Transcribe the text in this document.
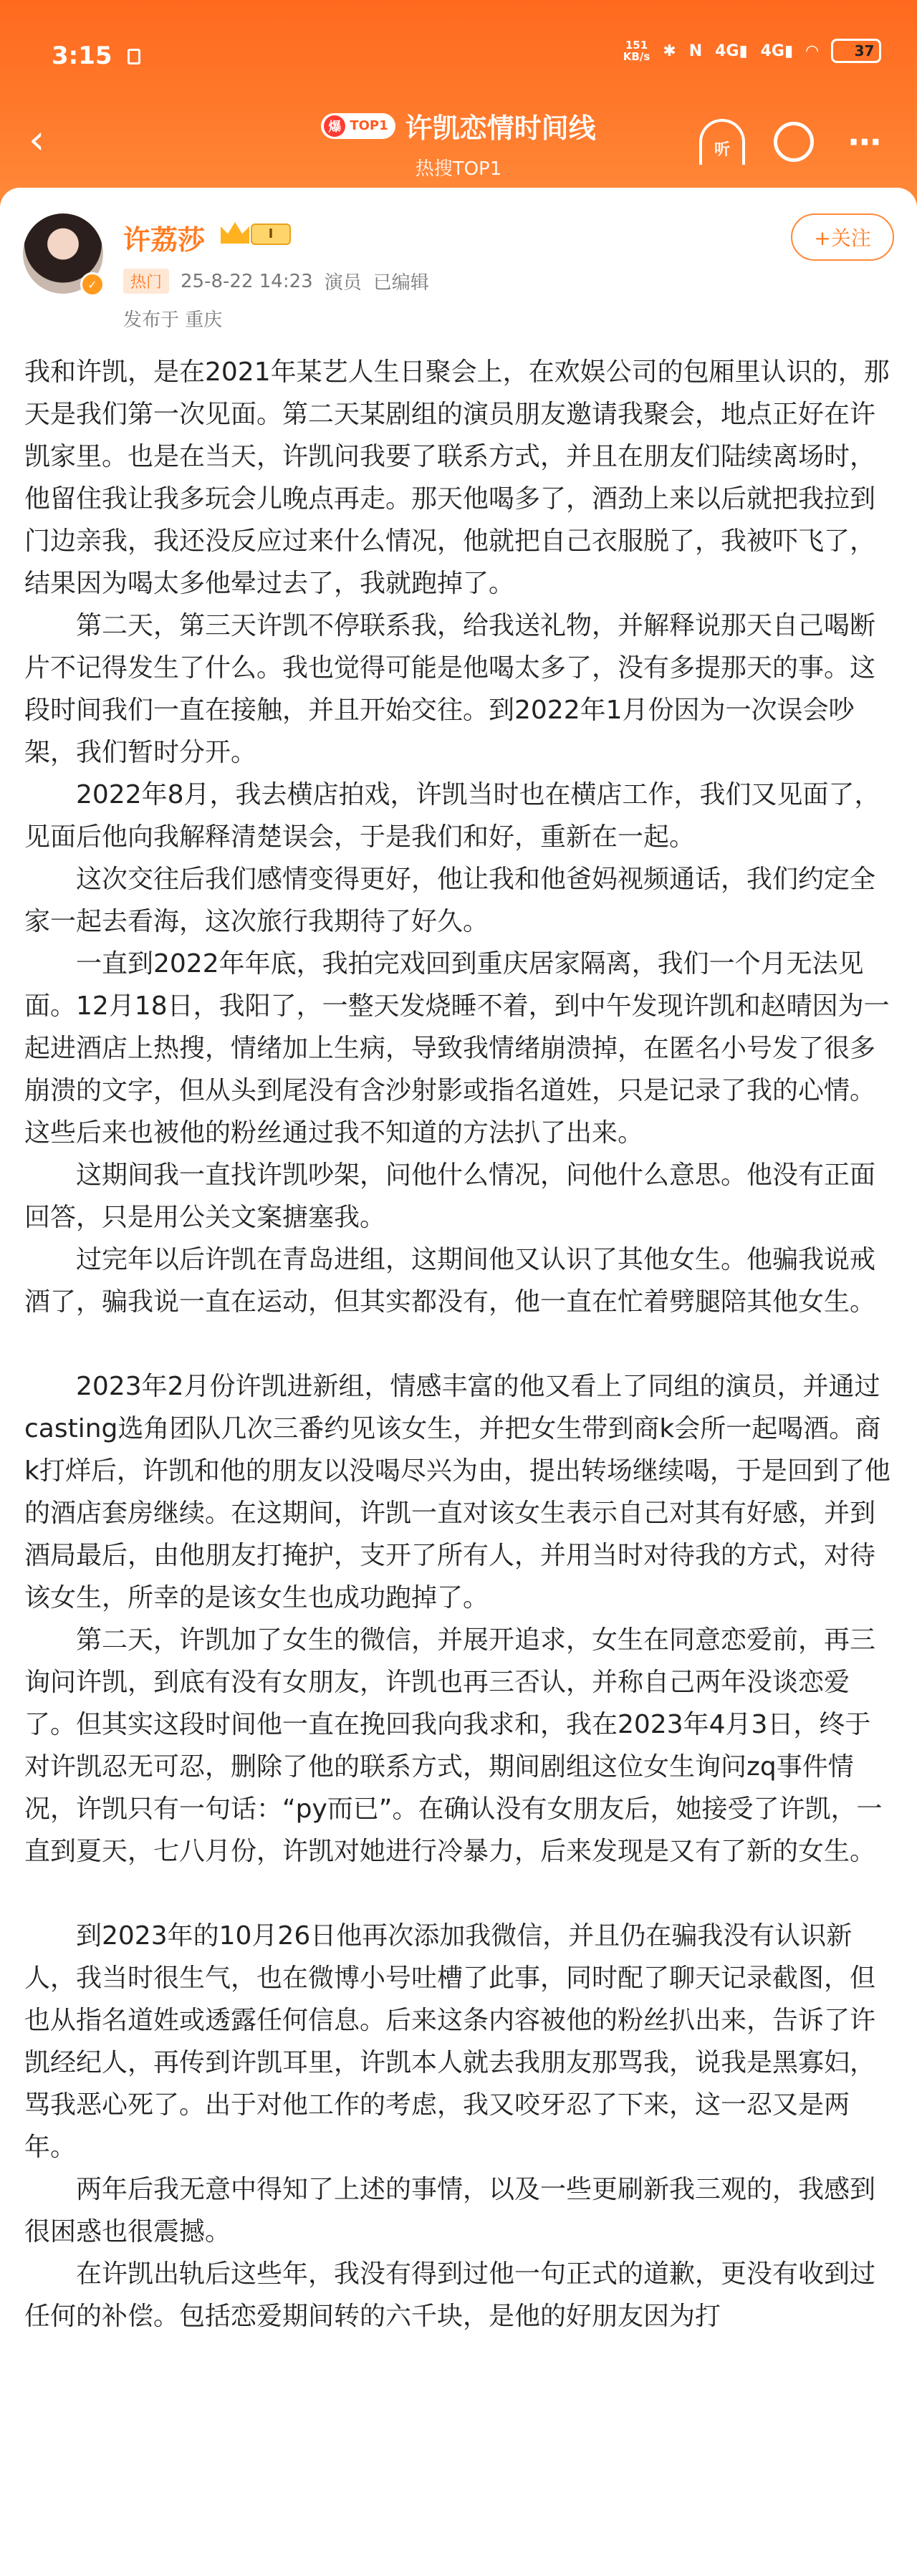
3:15	151
KB/s ✱ N 4G▮ 4G▮ ◠	37
‹	爆 TOP1 许凯恋情时间线
热搜TOP1
听	⋯
✓
许荔莎	I
热门	25-8-22 14:23 演员 已编辑
发布于 重庆
+关注

我和许凯，是在2021年某艺人生日聚会上，在欢娱公司的包厢里认识的，那天是我们第一次见面。第二天某剧组的演员朋友邀请我聚会，地点正好在许凯家里。也是在当天，许凯问我要了联系方式，并且在朋友们陆续离场时，他留住我让我多玩会儿晚点再走。那天他喝多了，酒劲上来以后就把我拉到门边亲我，我还没反应过来什么情况，他就把自己衣服脱了，我被吓飞了，结果因为喝太多他晕过去了，我就跑掉了。

第二天，第三天许凯不停联系我，给我送礼物，并解释说那天自己喝断片不记得发生了什么。我也觉得可能是他喝太多了，没有多提那天的事。这段时间我们一直在接触，并且开始交往。到2022年1月份因为一次误会吵架，我们暂时分开。

2022年8月，我去横店拍戏，许凯当时也在横店工作，我们又见面了，见面后他向我解释清楚误会，于是我们和好，重新在一起。

这次交往后我们感情变得更好，他让我和他爸妈视频通话，我们约定全家一起去看海，这次旅行我期待了好久。

一直到2022年年底，我拍完戏回到重庆居家隔离，我们一个月无法见面。12月18日，我阳了，一整天发烧睡不着，到中午发现许凯和赵晴因为一起进酒店上热搜，情绪加上生病，导致我情绪崩溃掉，在匿名小号发了很多崩溃的文字，但从头到尾没有含沙射影或指名道姓，只是记录了我的心情。这些后来也被他的粉丝通过我不知道的方法扒了出来。

这期间我一直找许凯吵架，问他什么情况，问他什么意思。他没有正面回答，只是用公关文案搪塞我。

过完年以后许凯在青岛进组，这期间他又认识了其他女生。他骗我说戒酒了，骗我说一直在运动，但其实都没有，他一直在忙着劈腿陪其他女生。

2023年2月份许凯进新组，情感丰富的他又看上了同组的演员，并通过casting选角团队几次三番约见该女生，并把女生带到商k会所一起喝酒。商k打烊后，许凯和他的朋友以没喝尽兴为由，提出转场继续喝，于是回到了他的酒店套房继续。在这期间，许凯一直对该女生表示自己对其有好感，并到酒局最后，由他朋友打掩护，支开了所有人，并用当时对待我的方式，对待该女生，所幸的是该女生也成功跑掉了。

第二天，许凯加了女生的微信，并展开追求，女生在同意恋爱前，再三询问许凯，到底有没有女朋友，许凯也再三否认，并称自己两年没谈恋爱了。但其实这段时间他一直在挽回我向我求和，我在2023年4月3日，终于对许凯忍无可忍，删除了他的联系方式，期间剧组这位女生询问zq事件情况，许凯只有一句话：“py而已”。在确认没有女朋友后，她接受了许凯，一直到夏天，七八月份，许凯对她进行冷暴力，后来发现是又有了新的女生。

到2023年的10月26日他再次添加我微信，并且仍在骗我没有认识新人，我当时很生气，也在微博小号吐槽了此事，同时配了聊天记录截图，但也从指名道姓或透露任何信息。后来这条内容被他的粉丝扒出来，告诉了许凯经纪人，再传到许凯耳里，许凯本人就去我朋友那骂我，说我是黑寡妇，骂我恶心死了。出于对他工作的考虑，我又咬牙忍了下来，这一忍又是两年。

两年后我无意中得知了上述的事情，以及一些更刷新我三观的，我感到很困惑也很震撼。

在许凯出轨后这些年，我没有得到过他一句正式的道歉，更没有收到过任何的补偿。包括恋爱期间转的六千块，是他的好朋友因为打
